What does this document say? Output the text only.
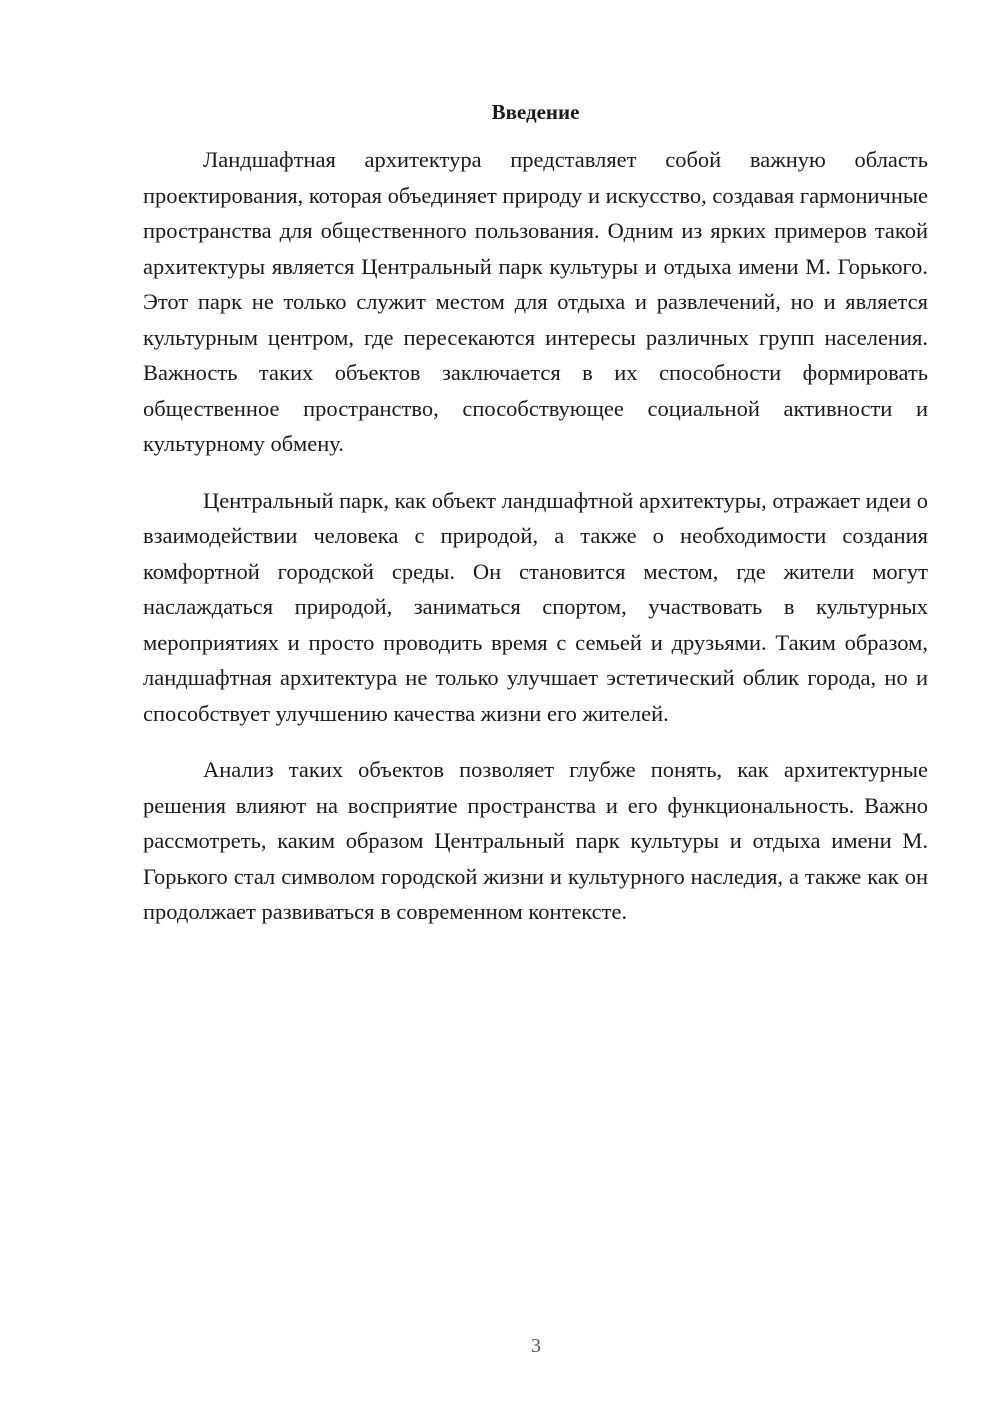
Введение

Ландшафтная архитектура представляет собой важную область проектирования, которая объединяет природу и искусство, создавая гармоничные пространства для общественного пользования. Одним из ярких примеров такой архитектуры является Центральный парк культуры и отдыха имени М. Горького. Этот парк не только служит местом для отдыха и развлечений, но и является культурным центром, где пересекаются интересы различных групп населения. Важность таких объектов заключается в их способности формировать общественное пространство, способствующее социальной активности и культурному обмену.

Центральный парк, как объект ландшафтной архитектуры, отражает идеи о взаимодействии человека с природой, а также о необходимости создания комфортной городской среды. Он становится местом, где жители могут наслаждаться природой, заниматься спортом, участвовать в культурных мероприятиях и просто проводить время с семьей и друзьями. Таким образом, ландшафтная архитектура не только улучшает эстетический облик города, но и способствует улучшению качества жизни его жителей.

Анализ таких объектов позволяет глубже понять, как архитектурные решения влияют на восприятие пространства и его функциональность. Важно рассмотреть, каким образом Центральный парк культуры и отдыха имени М. Горького стал символом городской жизни и культурного наследия, а также как он продолжает развиваться в современном контексте.

3
